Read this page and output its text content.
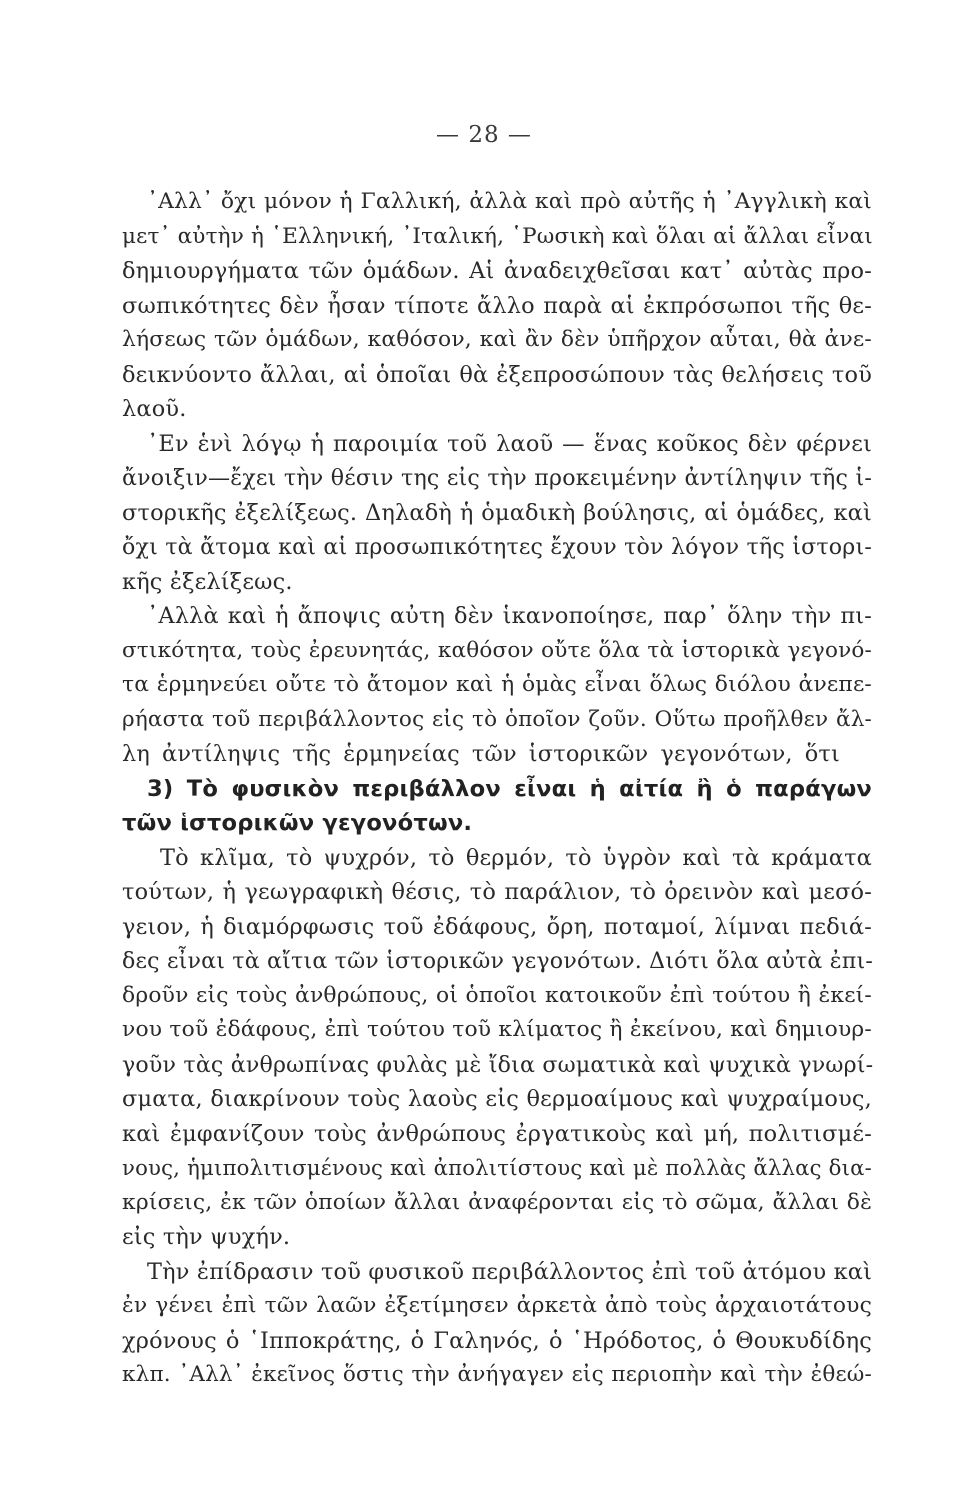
— 28 —
᾿Αλλ᾿ ὄχι μόνον ἡ Γαλλική, ἀλλὰ καὶ πρὸ αὐτῆς ἡ ᾿Αγγλικὴ καὶ
μετ᾿ αὐτὴν ἡ ῾Ελληνική, ᾿Ιταλική, ῾Ρωσικὴ καὶ ὅλαι αἱ ἄλλαι εἶναι
δημιουργήματα τῶν ὁμάδων. Αἱ ἀναδειχθεῖσαι κατ᾿ αὐτὰς προ-
σωπικότητες δὲν ἦσαν τίποτε ἄλλο παρὰ αἱ ἐκπρόσωποι τῆς θε-
λήσεως τῶν ὁμάδων, καθόσον, καὶ ἂν δὲν ὑπῆρχον αὗται, θὰ ἀνε-
δεικνύοντο ἄλλαι, αἱ ὁποῖαι θὰ ἐξεπροσώπουν τὰς θελήσεις τοῦ
λαοῦ.
᾿Εν ἑνὶ λόγῳ ἡ παροιμία τοῦ λαοῦ — ἕνας κοῦκος δὲν φέρνει
ἄνοιξιν—ἔχει τὴν θέσιν της εἰς τὴν προκειμένην ἀντίληψιν τῆς ἱ-
στορικῆς ἐξελίξεως. Δηλαδὴ ἡ ὁμαδικὴ βούλησις, αἱ ὁμάδες, καὶ
ὄχι τὰ ἄτομα καὶ αἱ προσωπικότητες ἔχουν τὸν λόγον τῆς ἱστορι-
κῆς ἐξελίξεως.
᾿Αλλὰ καὶ ἡ ἄποψις αὐτη δὲν ἱκανοποίησε, παρ᾿ ὅλην τὴν πι-
στικότητα, τοὺς ἐρευνητάς, καθόσον οὔτε ὅλα τὰ ἱστορικὰ γεγονό-
τα ἑρμηνεύει οὔτε τὸ ἄτομον καὶ ἡ ὁμὰς εἶναι ὅλως διόλου ἀνεπε-
ρήαστα τοῦ περιβάλλοντος εἰς τὸ ὁποῖον ζοῦν. Οὕτω προῆλθεν ἄλ-
λη ἀντίληψις τῆς ἑρμηνείας τῶν ἱστορικῶν γεγονότων, ὅτι
3) Τὸ φυσικὸν περιβάλλον εἶναι ἡ αἰτία ἢ ὁ παράγων
τῶν ἱστορικῶν γεγονότων.
Τὸ κλῖμα, τὸ ψυχρόν, τὸ θερμόν, τὸ ὑγρὸν καὶ τὰ κράματα
τούτων, ἡ γεωγραφικὴ θέσις, τὸ παράλιον, τὸ ὀρεινὸν καὶ μεσό-
γειον, ἡ διαμόρφωσις τοῦ ἐδάφους, ὄρη, ποταμοί, λίμναι πεδιά-
δες εἶναι τὰ αἴτια τῶν ἱστορικῶν γεγονότων. Διότι ὅλα αὐτὰ ἐπι-
δροῦν εἰς τοὺς ἀνθρώπους, οἱ ὁποῖοι κατοικοῦν ἐπὶ τούτου ἢ ἐκεί-
νου τοῦ ἐδάφους, ἐπὶ τούτου τοῦ κλίματος ἢ ἐκείνου, καὶ δημιουρ-
γοῦν τὰς ἀνθρωπίνας φυλὰς μὲ ἴδια σωματικὰ καὶ ψυχικὰ γνωρί-
σματα, διακρίνουν τοὺς λαοὺς εἰς θερμοαίμους καὶ ψυχραίμους,
καὶ ἐμφανίζουν τοὺς ἀνθρώπους ἐργατικοὺς καὶ μή, πολιτισμέ-
νους, ἡμιπολιτισμένους καὶ ἀπολιτίστους καὶ μὲ πολλὰς ἄλλας δια-
κρίσεις, ἐκ τῶν ὁποίων ἄλλαι ἀναφέρονται εἰς τὸ σῶμα, ἄλλαι δὲ
εἰς τὴν ψυχήν.
Τὴν ἐπίδρασιν τοῦ φυσικοῦ περιβάλλοντος ἐπὶ τοῦ ἀτόμου καὶ
ἐν γένει ἐπὶ τῶν λαῶν ἐξετίμησεν ἀρκετὰ ἀπὸ τοὺς ἀρχαιοτάτους
χρόνους ὁ ῾Ιπποκράτης, ὁ Γαληνός, ὁ ῾Ηρόδοτος, ὁ Θουκυδίδης
κλπ. ᾿Αλλ᾿ ἐκεῖνος ὅστις τὴν ἀνήγαγεν εἰς περιοπὴν καὶ τὴν ἐθεώ-
